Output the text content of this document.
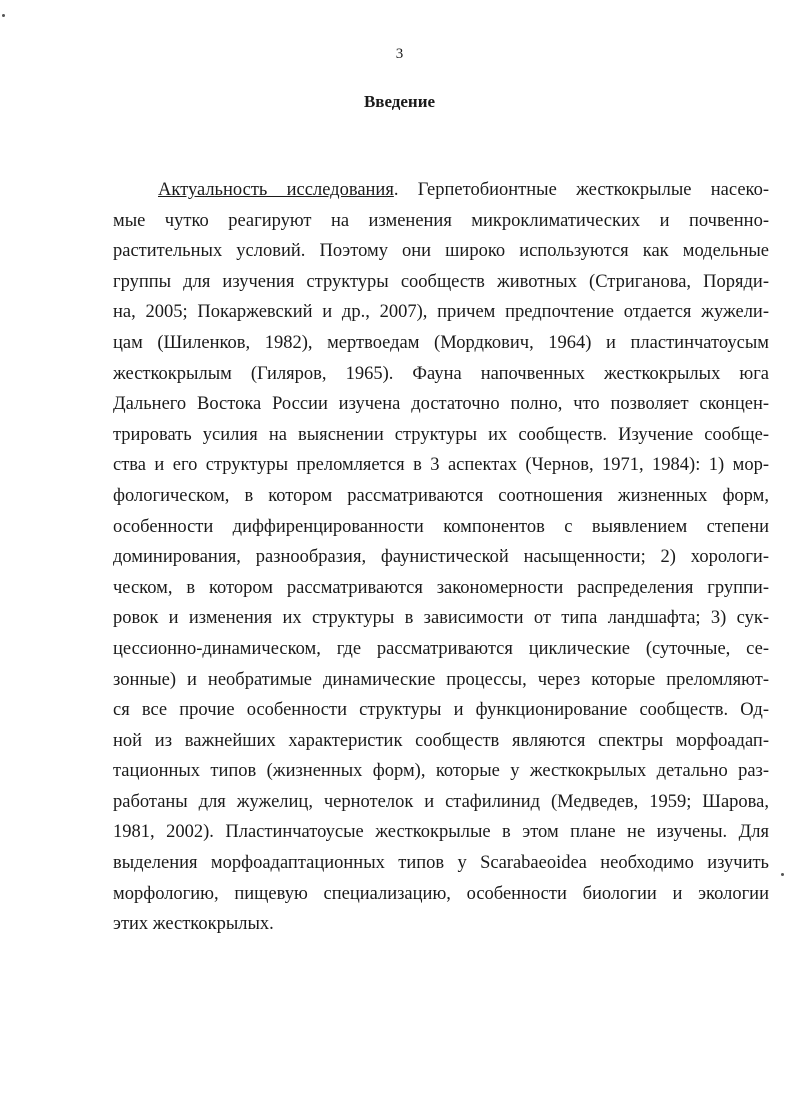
3
Введение
Актуальность исследования. Герпетобионтные жесткокрылые насеко-
мые чутко реагируют на изменения микроклиматических и почвенно-
растительных условий. Поэтому они широко используются как модельные
группы для изучения структуры сообществ животных (Стриганова, Поряди-
на, 2005; Покаржевский и др., 2007), причем предпочтение отдается жужели-
цам (Шиленков, 1982), мертвоедам (Мордкович, 1964) и пластинчатоусым
жесткокрылым (Гиляров, 1965). Фауна напочвенных жесткокрылых юга
Дальнего Востока России изучена достаточно полно, что позволяет сконцен-
трировать усилия на выяснении структуры их сообществ. Изучение сообще-
ства и его структуры преломляется в 3 аспектах (Чернов, 1971, 1984): 1) мор-
фологическом, в котором рассматриваются соотношения жизненных форм,
особенности диффиренцированности компонентов с выявлением степени
доминирования, разнообразия, фаунистической насыщенности; 2) хорологи-
ческом, в котором рассматриваются закономерности распределения группи-
ровок и изменения их структуры в зависимости от типа ландшафта; 3) сук-
цессионно-динамическом, где рассматриваются циклические (суточные, се-
зонные) и необратимые динамические процессы, через которые преломляют-
ся все прочие особенности структуры и функционирование сообществ. Од-
ной из важнейших характеристик сообществ являются спектры морфоадап-
тационных типов (жизненных форм), которые у жесткокрылых детально раз-
работаны для жужелиц, чернотелок и стафилинид (Медведев, 1959; Шарова,
1981, 2002). Пластинчатоусые жесткокрылые в этом плане не изучены. Для
выделения морфоадаптационных типов у Scarabaeoidea необходимо изучить
морфологию, пищевую специализацию, особенности биологии и экологии
этих жесткокрылых.
